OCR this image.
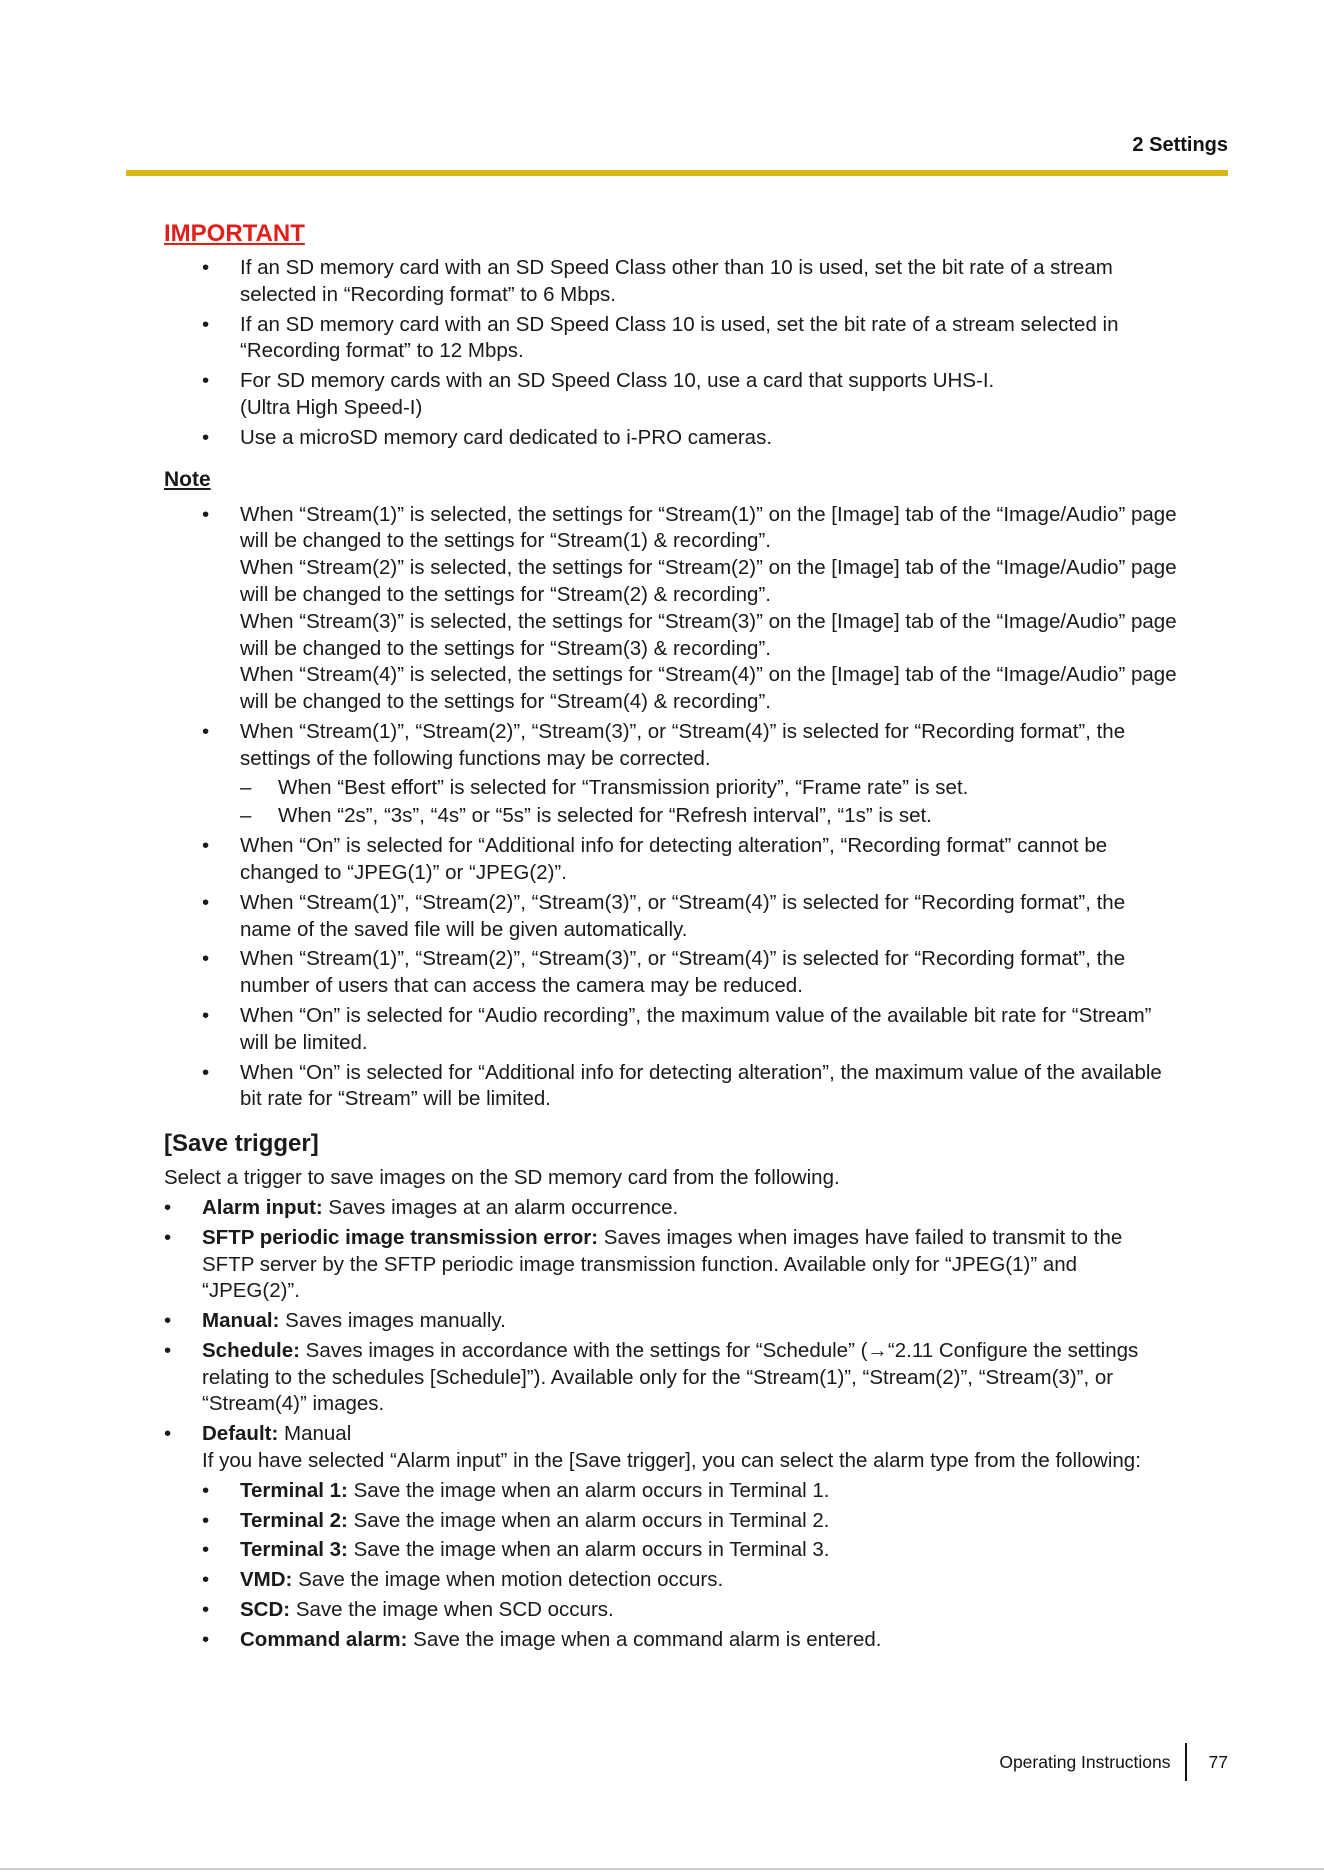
2 Settings
IMPORTANT
• If an SD memory card with an SD Speed Class other than 10 is used, set the bit rate of a stream
selected in “Recording format” to 6 Mbps.
• If an SD memory card with an SD Speed Class 10 is used, set the bit rate of a stream selected in
“Recording format” to 12 Mbps.
• For SD memory cards with an SD Speed Class 10, use a card that supports UHS-I.
(Ultra High Speed-I)
• Use a microSD memory card dedicated to i-PRO cameras.
Note
• When “Stream(1)” is selected, the settings for “Stream(1)” on the [Image] tab of the “Image/Audio” page
will be changed to the settings for “Stream(1) & recording”.
When “Stream(2)” is selected, the settings for “Stream(2)” on the [Image] tab of the “Image/Audio” page
will be changed to the settings for “Stream(2) & recording”.
When “Stream(3)” is selected, the settings for “Stream(3)” on the [Image] tab of the “Image/Audio” page
will be changed to the settings for “Stream(3) & recording”.
When “Stream(4)” is selected, the settings for “Stream(4)” on the [Image] tab of the “Image/Audio” page
will be changed to the settings for “Stream(4) & recording”.
• When “Stream(1)”, “Stream(2)”, “Stream(3)”, or “Stream(4)” is selected for “Recording format”, the
settings of the following functions may be corrected.
– When “Best effort” is selected for “Transmission priority”, “Frame rate” is set.
– When “2s”, “3s”, “4s” or “5s” is selected for “Refresh interval”, “1s” is set.
• When “On” is selected for “Additional info for detecting alteration”, “Recording format” cannot be
changed to “JPEG(1)” or “JPEG(2)”.
• When “Stream(1)”, “Stream(2)”, “Stream(3)”, or “Stream(4)” is selected for “Recording format”, the
name of the saved file will be given automatically.
• When “Stream(1)”, “Stream(2)”, “Stream(3)”, or “Stream(4)” is selected for “Recording format”, the
number of users that can access the camera may be reduced.
• When “On” is selected for “Audio recording”, the maximum value of the available bit rate for “Stream”
will be limited.
• When “On” is selected for “Additional info for detecting alteration”, the maximum value of the available
bit rate for “Stream” will be limited.
[Save trigger]
Select a trigger to save images on the SD memory card from the following.
• Alarm input: Saves images at an alarm occurrence.
• SFTP periodic image transmission error: Saves images when images have failed to transmit to the
SFTP server by the SFTP periodic image transmission function. Available only for “JPEG(1)” and
“JPEG(2)”.
• Manual: Saves images manually.
• Schedule: Saves images in accordance with the settings for “Schedule” (→“2.11 Configure the settings
relating to the schedules [Schedule]”). Available only for the “Stream(1)”, “Stream(2)”, “Stream(3)”, or
“Stream(4)” images.
• Default: Manual
If you have selected “Alarm input” in the [Save trigger], you can select the alarm type from the following:
• Terminal 1: Save the image when an alarm occurs in Terminal 1.
• Terminal 2: Save the image when an alarm occurs in Terminal 2.
• Terminal 3: Save the image when an alarm occurs in Terminal 3.
• VMD: Save the image when motion detection occurs.
• SCD: Save the image when SCD occurs.
• Command alarm: Save the image when a command alarm is entered.
Operating Instructions 77
